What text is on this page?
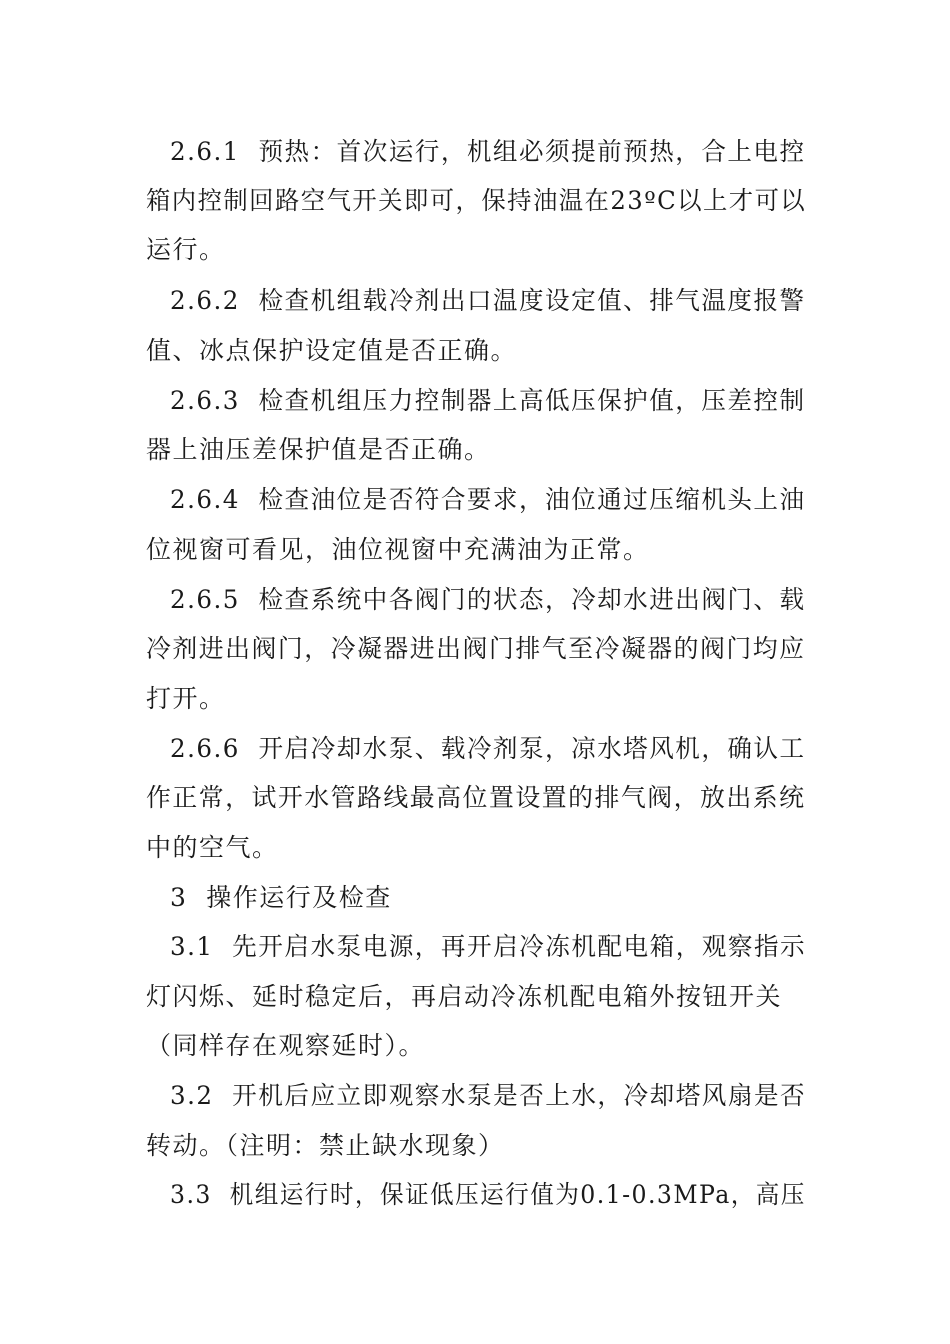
2.6.1  预热：首次运行，机组必须提前预热，合上电控
箱内控制回路空气开关即可，保持油温在23ºC以上才可以
运行。
2.6.2  检查机组载冷剂出口温度设定值、排气温度报警
值、冰点保护设定值是否正确。
2.6.3  检查机组压力控制器上高低压保护值，压差控制
器上油压差保护值是否正确。
2.6.4  检查油位是否符合要求，油位通过压缩机头上油
位视窗可看见，油位视窗中充满油为正常。
2.6.5  检查系统中各阀门的状态，冷却水进出阀门、载
冷剂进出阀门，冷凝器进出阀门排气至冷凝器的阀门均应
打开。
2.6.6  开启冷却水泵、载冷剂泵，凉水塔风机，确认工
作正常，试开水管路线最高位置设置的排气阀，放出系统
中的空气。
3  操作运行及检查
3.1  先开启水泵电源，再开启冷冻机配电箱，观察指示
灯闪烁、延时稳定后，再启动冷冻机配电箱外按钮开关
（同样存在观察延时）。
3.2  开机后应立即观察水泵是否上水，冷却塔风扇是否
转动。（注明：禁止缺水现象）
3.3  机组运行时，保证低压运行值为0.1-0.3MPa，高压
